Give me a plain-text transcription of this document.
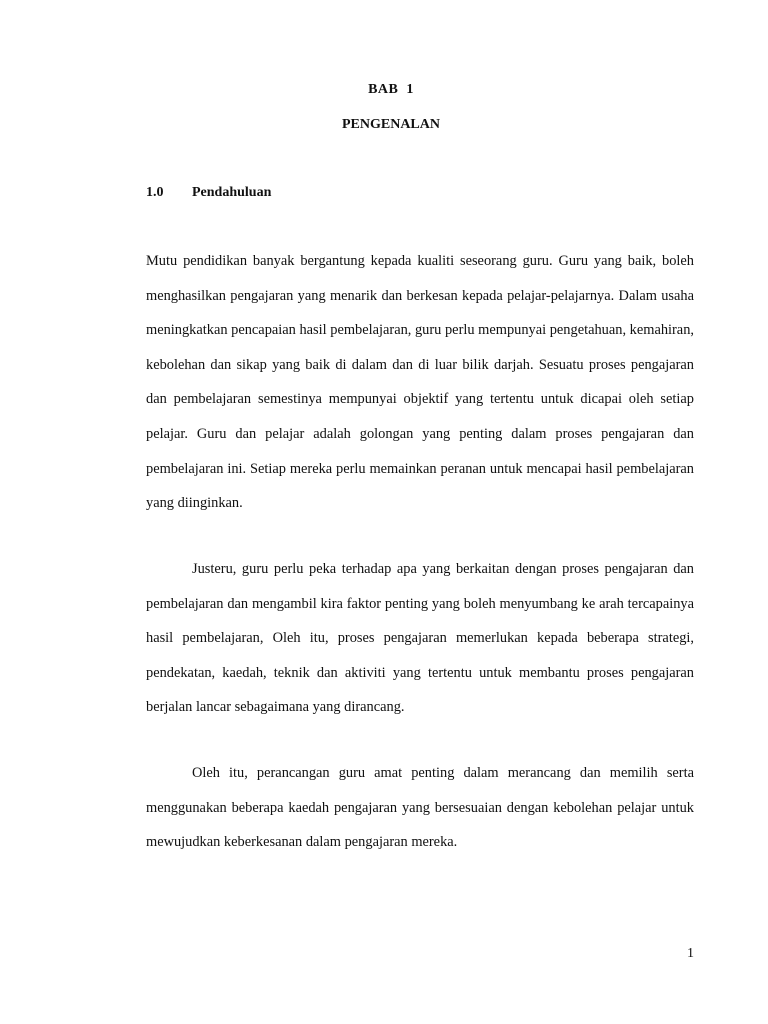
BAB  1
PENGENALAN
1.0 Pendahuluan

Mutu pendidikan banyak bergantung kepada kualiti seseorang guru. Guru yang baik, boleh menghasilkan pengajaran yang menarik dan berkesan kepada pelajar-pelajarnya. Dalam usaha meningkatkan pencapaian hasil pembelajaran, guru perlu mempunyai pengetahuan, kemahiran, kebolehan dan sikap yang baik di dalam dan di luar bilik darjah. Sesuatu proses pengajaran dan pembelajaran semestinya mempunyai objektif yang tertentu untuk dicapai oleh setiap pelajar. Guru dan pelajar adalah golongan yang penting dalam proses pengajaran dan pembelajaran ini. Setiap mereka perlu memainkan peranan untuk mencapai hasil pembelajaran yang diinginkan.

Justeru, guru perlu peka terhadap apa yang berkaitan dengan proses pengajaran dan pembelajaran dan mengambil kira faktor penting yang boleh menyumbang ke arah tercapainya hasil pembelajaran, Oleh itu, proses pengajaran memerlukan kepada beberapa strategi, pendekatan, kaedah, teknik dan aktiviti yang tertentu untuk membantu proses pengajaran berjalan lancar sebagaimana yang dirancang.

Oleh itu, perancangan guru amat penting dalam merancang dan memilih serta menggunakan beberapa kaedah pengajaran yang bersesuaian dengan kebolehan pelajar untuk mewujudkan keberkesanan dalam pengajaran mereka.

1
